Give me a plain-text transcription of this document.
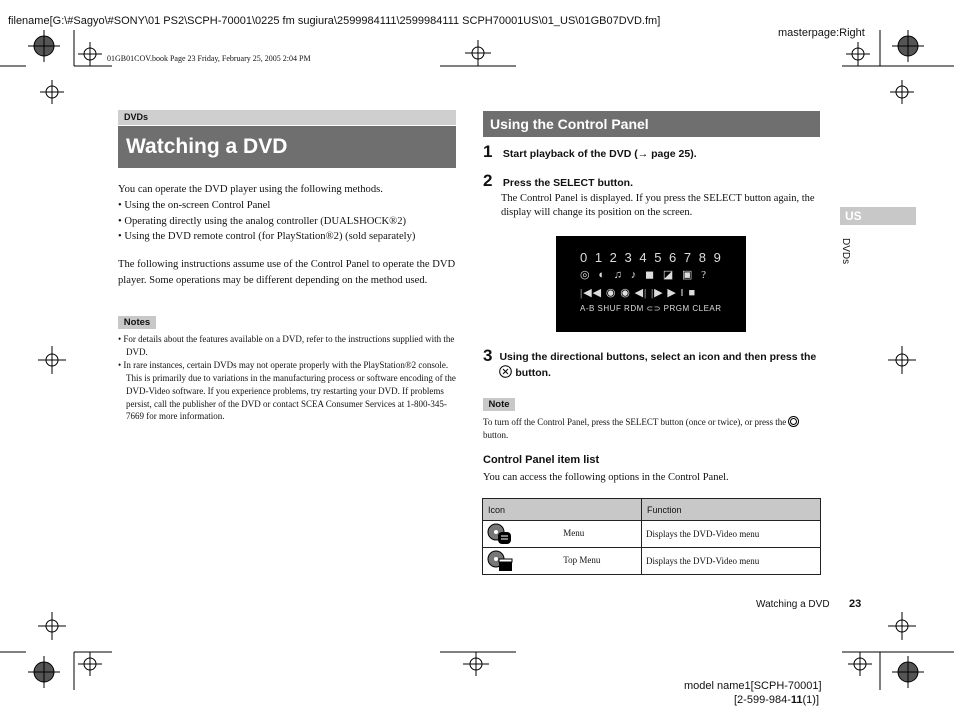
filename[G:\#Sagyo\#SONY\01 PS2\SCPH-70001\0225 fm sugiura\2599984111\2599984111 SCPH70001US\01_US\01GB07DVD.fm]
masterpage:Right
01GB01COV.book Page 23 Friday, February 25, 2005 2:04 PM
DVDs
Watching a DVD
You can operate the DVD player using the following methods.
• Using the on-screen Control Panel
• Operating directly using the analog controller (DUALSHOCK®2)
• Using the DVD remote control (for PlayStation®2) (sold separately)
The following instructions assume use of the Control Panel to operate the DVD player. Some operations may be different depending on the method used.
Notes
• For details about the features available on a DVD, refer to the instructions supplied with the DVD.
• In rare instances, certain DVDs may not operate properly with the PlayStation®2 console. This is primarily due to variations in the manufacturing process or software encoding of the DVD-Video software. If you experience problems, try restarting your DVD. If problems persist, call the publisher of the DVD or contact SCEA Consumer Services at 1-800-345-7669 for more information.
Using the Control Panel
1 Start playback of the DVD (→ page 25).
2 Press the SELECT button.
The Control Panel is displayed. If you press the SELECT button again, the display will change its position on the screen.
0 1 2 3 4 5 6 7 8 9
◎ ◐ ♫ ♪ ◼ ◪ ▣ ?
|◀◀ ◉ ◉ ◀| |▶ ▶ ‖ ■
A-B SHUF RDM ⊂⊃ PRGM CLEAR
3 Using the directional buttons, select an icon and then press the  button.
Note
To turn off the Control Panel, press the SELECT button (once or twice), or press the  button.
Control Panel item list
You can access the following options in the Control Panel.
Icon	Function
Menu	Displays the DVD-Video menu
Top Menu	Displays the DVD-Video menu
US
DVDs
Watching a DVD 23
model name1[SCPH-70001]
[2-599-984-11(1)]
